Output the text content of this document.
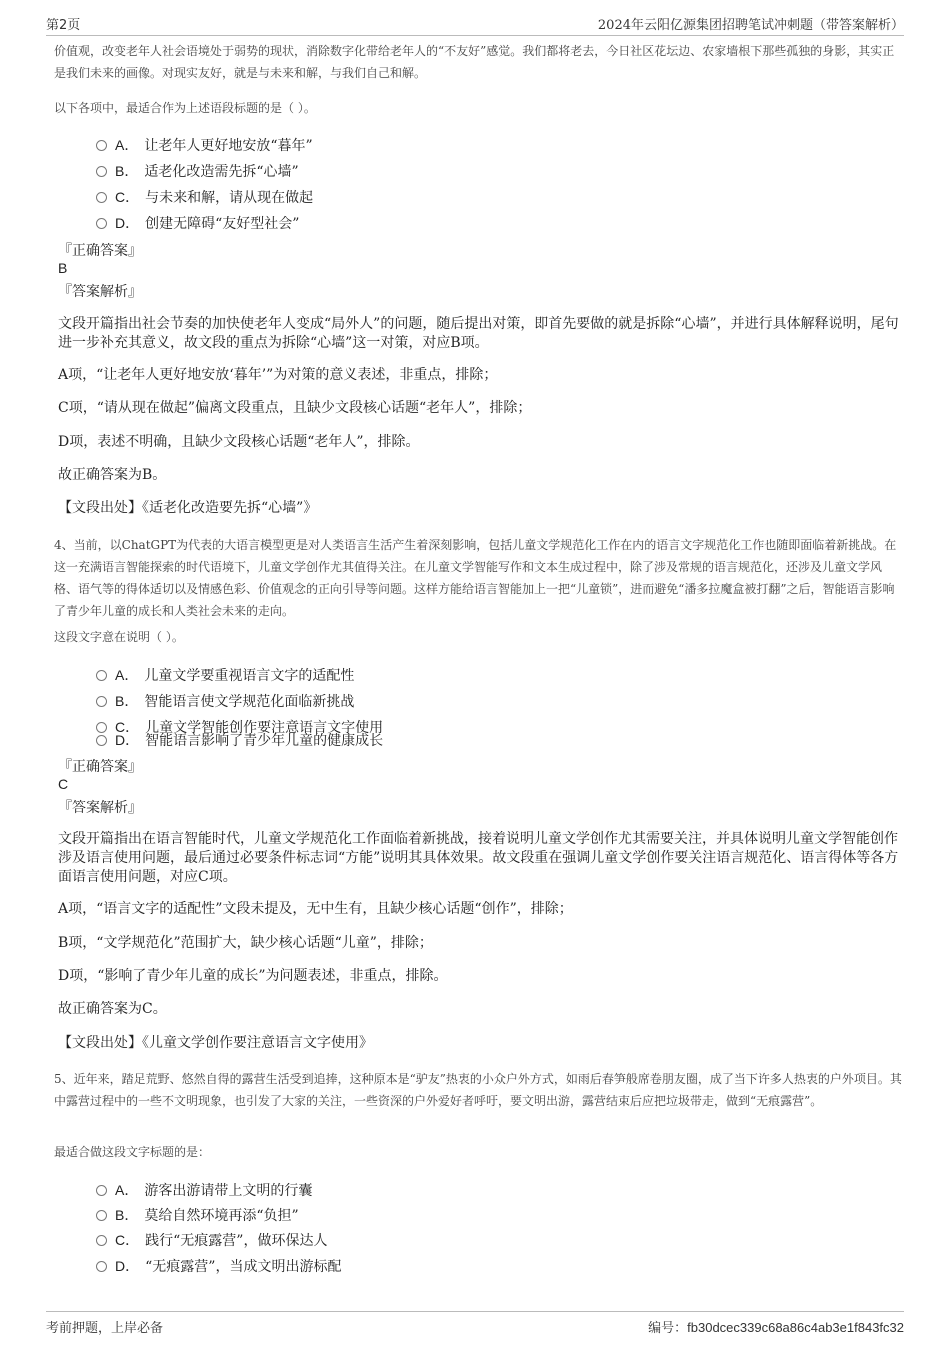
第2页	2024年云阳亿源集团招聘笔试冲刺题（带答案解析）

价值观，改变老年人社会语境处于弱势的现状，消除数字化带给老年人的“不友好”感觉。我们都将老去，今日社区花坛边、农家墙根下那些孤独的身影，其实正是我们未来的画像。对现实友好，就是与未来和解，与我们自己和解。

以下各项中，最适合作为上述语段标题的是（ ）。

A． 让老年人更好地安放“暮年”
B． 适老化改造需先拆“心墙”
C． 与未来和解，请从现在做起
D． 创建无障碍“友好型社会”
『正确答案』
B
『答案解析』

文段开篇指出社会节奏的加快使老年人变成“局外人”的问题，随后提出对策，即首先要做的就是拆除“心墙”，并进行具体解释说明，尾句进一步补充其意义，故文段的重点为拆除“心墙”这一对策，对应B项。

A项，“让老年人更好地安放‘暮年’”为对策的意义表述，非重点，排除；

C项，“请从现在做起”偏离文段重点，且缺少文段核心话题“老年人”，排除；

D项，表述不明确，且缺少文段核心话题“老年人”，排除。

故正确答案为B。

【文段出处】《适老化改造要先拆“心墙”》

4、当前，以ChatGPT为代表的大语言模型更是对人类语言生活产生着深刻影响，包括儿童文学规范化工作在内的语言文字规范化工作也随即面临着新挑战。在这一充满语言智能探索的时代语境下，儿童文学创作尤其值得关注。在儿童文学智能写作和文本生成过程中，除了涉及常规的语言规范化，还涉及儿童文学风格、语气等的得体适切以及情感色彩、价值观念的正向引导等问题。这样方能给语言智能加上一把“儿童锁”，进而避免“潘多拉魔盒被打翻”之后，智能语言影响了青少年儿童的成长和人类社会未来的走向。

这段文字意在说明（ ）。

A． 儿童文学要重视语言文字的适配性
B． 智能语言使文学规范化面临新挑战
C． 儿童文学智能创作要注意语言文字使用
D． 智能语言影响了青少年儿童的健康成长
『正确答案』
C
『答案解析』

文段开篇指出在语言智能时代，儿童文学规范化工作面临着新挑战，接着说明儿童文学创作尤其需要关注，并具体说明儿童文学智能创作涉及语言使用问题，最后通过必要条件标志词“方能”说明其具体效果。故文段重在强调儿童文学创作要关注语言规范化、语言得体等各方面语言使用问题，对应C项。

A项，“语言文字的适配性”文段未提及，无中生有，且缺少核心话题“创作”，排除；

B项，“文学规范化”范围扩大，缺少核心话题“儿童”，排除；

D项，“影响了青少年儿童的成长”为问题表述，非重点，排除。

故正确答案为C。

【文段出处】《儿童文学创作要注意语言文字使用》

5、近年来，踏足荒野、悠然自得的露营生活受到追捧，这种原本是“驴友”热衷的小众户外方式，如雨后春笋般席卷朋友圈，成了当下许多人热衷的户外项目。其中露营过程中的一些不文明现象，也引发了大家的关注，一些资深的户外爱好者呼吁，要文明出游，露营结束后应把垃圾带走，做到“无痕露营”。

最适合做这段文字标题的是：

A． 游客出游请带上文明的行囊
B． 莫给自然环境再添“负担”
C． 践行“无痕露营”，做环保达人
D． “无痕露营”，当成文明出游标配
考前押题，上岸必备	编号：fb30dcec339c68a86c4ab3e1f843fc32
